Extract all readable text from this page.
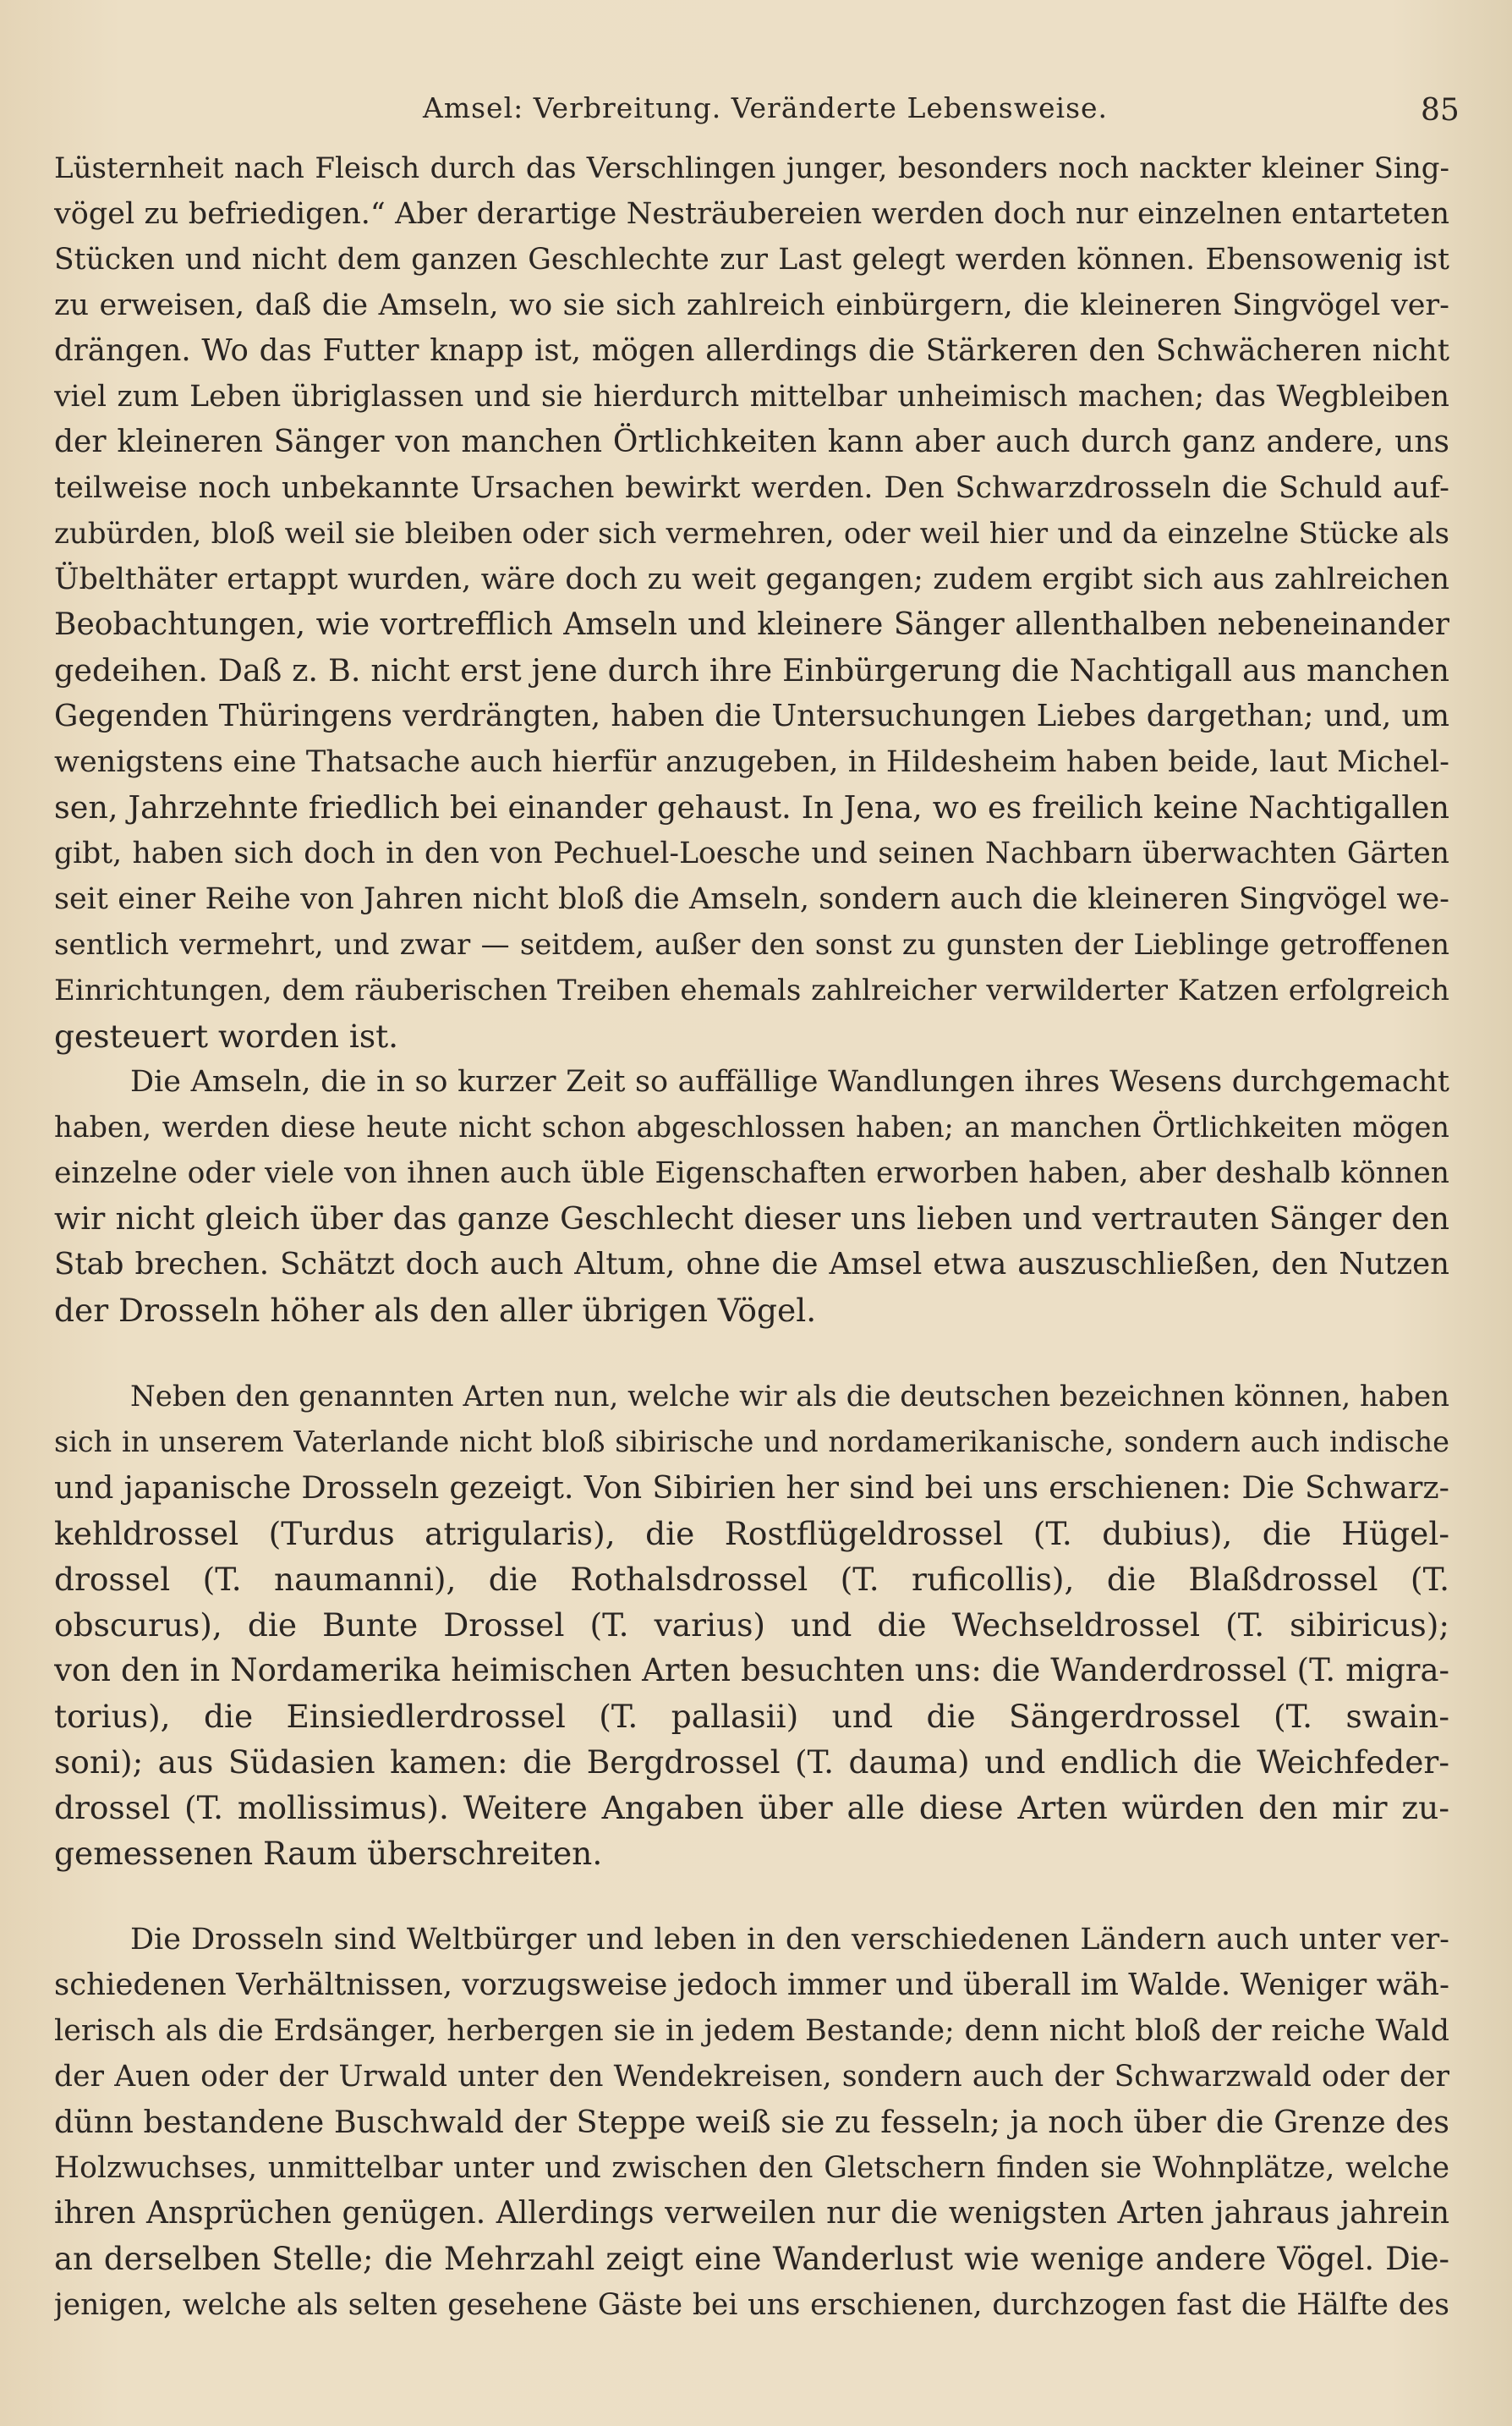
Amsel: Verbreitung. Veränderte Lebensweise.	85
Lüsternheit nach Fleisch durch das Verschlingen junger, besonders noch nackter kleiner Sing-
vögel zu befriedigen.“ Aber derartige Nesträubereien werden doch nur einzelnen entarteten
Stücken und nicht dem ganzen Geschlechte zur Last gelegt werden können. Ebensowenig ist
zu erweisen, daß die Amseln, wo sie sich zahlreich einbürgern, die kleineren Singvögel ver-
drängen. Wo das Futter knapp ist, mögen allerdings die Stärkeren den Schwächeren nicht
viel zum Leben übriglassen und sie hierdurch mittelbar unheimisch machen; das Wegbleiben
der kleineren Sänger von manchen Örtlichkeiten kann aber auch durch ganz andere, uns
teilweise noch unbekannte Ursachen bewirkt werden. Den Schwarzdrosseln die Schuld auf-
zubürden, bloß weil sie bleiben oder sich vermehren, oder weil hier und da einzelne Stücke als
Übelthäter ertappt wurden, wäre doch zu weit gegangen; zudem ergibt sich aus zahlreichen
Beobachtungen, wie vortrefflich Amseln und kleinere Sänger allenthalben nebeneinander
gedeihen. Daß z. B. nicht erst jene durch ihre Einbürgerung die Nachtigall aus manchen
Gegenden Thüringens verdrängten, haben die Untersuchungen Liebes dargethan; und, um
wenigstens eine Thatsache auch hierfür anzugeben, in Hildesheim haben beide, laut Michel-
sen, Jahrzehnte friedlich bei einander gehaust. In Jena, wo es freilich keine Nachtigallen
gibt, haben sich doch in den von Pechuel-Loesche und seinen Nachbarn überwachten Gärten
seit einer Reihe von Jahren nicht bloß die Amseln, sondern auch die kleineren Singvögel we-
sentlich vermehrt, und zwar — seitdem, außer den sonst zu gunsten der Lieblinge getroffenen
Einrichtungen, dem räuberischen Treiben ehemals zahlreicher verwilderter Katzen erfolgreich
gesteuert worden ist.
Die Amseln, die in so kurzer Zeit so auffällige Wandlungen ihres Wesens durchgemacht
haben, werden diese heute nicht schon abgeschlossen haben; an manchen Örtlichkeiten mögen
einzelne oder viele von ihnen auch üble Eigenschaften erworben haben, aber deshalb können
wir nicht gleich über das ganze Geschlecht dieser uns lieben und vertrauten Sänger den
Stab brechen. Schätzt doch auch Altum, ohne die Amsel etwa auszuschließen, den Nutzen
der Drosseln höher als den aller übrigen Vögel.
Neben den genannten Arten nun, welche wir als die deutschen bezeichnen können, haben
sich in unserem Vaterlande nicht bloß sibirische und nordamerikanische, sondern auch indische
und japanische Drosseln gezeigt. Von Sibirien her sind bei uns erschienen: Die Schwarz-
kehldrossel (Turdus atrigularis), die Rostflügeldrossel (T. dubius), die Hügel-
drossel (T. naumanni), die Rothalsdrossel (T. ruficollis), die Blaßdrossel (T.
obscurus), die Bunte Drossel (T. varius) und die Wechseldrossel (T. sibiricus);
von den in Nordamerika heimischen Arten besuchten uns: die Wanderdrossel (T. migra-
torius), die Einsiedlerdrossel (T. pallasii) und die Sängerdrossel (T. swain-
soni); aus Südasien kamen: die Bergdrossel (T. dauma) und endlich die Weichfeder-
drossel (T. mollissimus). Weitere Angaben über alle diese Arten würden den mir zu-
gemessenen Raum überschreiten.
Die Drosseln sind Weltbürger und leben in den verschiedenen Ländern auch unter ver-
schiedenen Verhältnissen, vorzugsweise jedoch immer und überall im Walde. Weniger wäh-
lerisch als die Erdsänger, herbergen sie in jedem Bestande; denn nicht bloß der reiche Wald
der Auen oder der Urwald unter den Wendekreisen, sondern auch der Schwarzwald oder der
dünn bestandene Buschwald der Steppe weiß sie zu fesseln; ja noch über die Grenze des
Holzwuchses, unmittelbar unter und zwischen den Gletschern finden sie Wohnplätze, welche
ihren Ansprüchen genügen. Allerdings verweilen nur die wenigsten Arten jahraus jahrein
an derselben Stelle; die Mehrzahl zeigt eine Wanderlust wie wenige andere Vögel. Die-
jenigen, welche als selten gesehene Gäste bei uns erschienen, durchzogen fast die Hälfte des
